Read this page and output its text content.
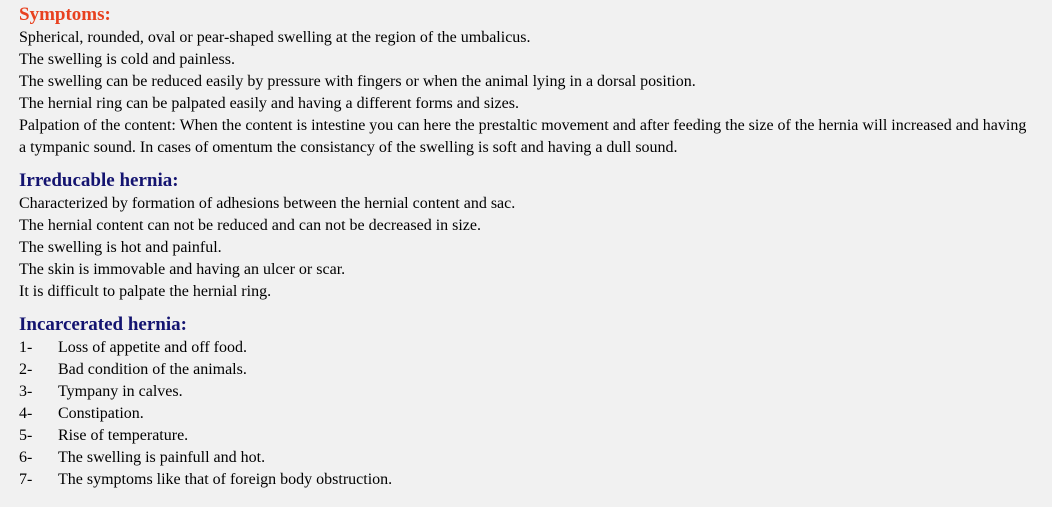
Symptoms:

Spherical, rounded, oval or pear-shaped swelling at the region of the umbalicus.

The swelling is cold and painless.

The swelling can be reduced easily by pressure with fingers or when the animal lying in a dorsal position.

The hernial ring can be palpated easily and having a different forms and sizes.

Palpation of the content: When the content is intestine you can here the prestaltic movement and after feeding the size of the hernia will increased and having a tympanic sound. In cases of omentum the consistancy of the swelling is soft and having a dull sound.

Irreducable hernia:

Characterized by formation of adhesions between the hernial content and sac.

The hernial content can not be reduced and can not be decreased in size.

The swelling is hot and painful.

The skin is immovable and having an ulcer or scar.

It is difficult to palpate the hernial ring.

Incarcerated hernia:

1- Loss of appetite and off food.

2- Bad condition of the animals.

3- Tympany in calves.

4- Constipation.

5- Rise of temperature.

6- The swelling is painfull and hot.

7- The symptoms like that of foreign body obstruction.
